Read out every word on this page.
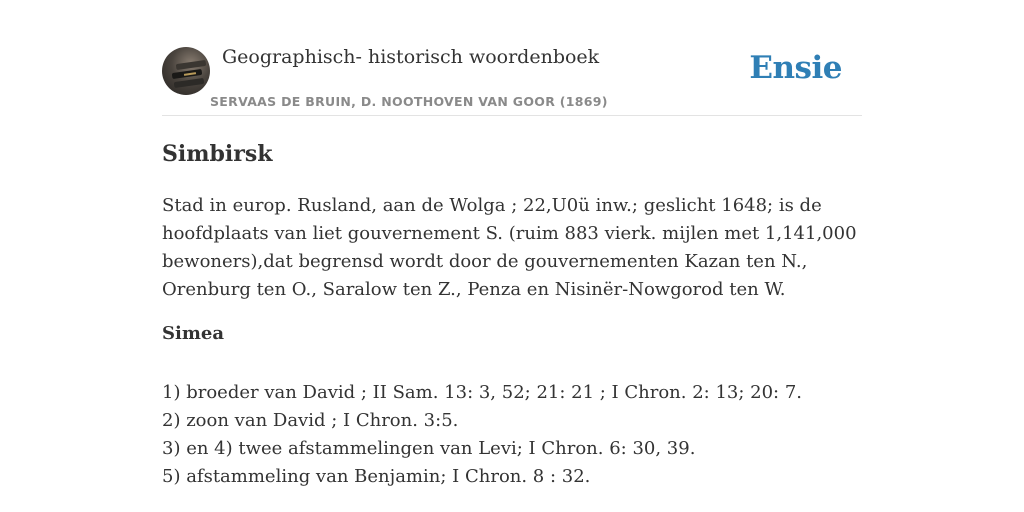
Geographisch- historisch woordenboek
SERVAAS DE BRUIN, D. NOOTHOVEN VAN GOOR (1869)
Ensie
Simbirsk

Stad in europ. Rusland, aan de Wolga ; 22,U0ü inw.; geslicht 1648; is de hoofdplaats van liet gouvernement S. (ruim 883 vierk. mijlen met 1,141,000 bewoners),dat begrensd wordt door de gouvernementen Kazan ten N., Orenburg ten O., Saralow ten Z., Penza en Nisinër-Nowgorod ten W.

Simea
1) broeder van David ; II Sam. 13: 3, 52; 21: 21 ; I Chron. 2: 13; 20: 7.
2) zoon van David ; I Chron. 3:5.
3) en 4) twee afstammelingen van Levi; I Chron. 6: 30, 39.
5) afstammeling van Benjamin; I Chron. 8 : 32.
